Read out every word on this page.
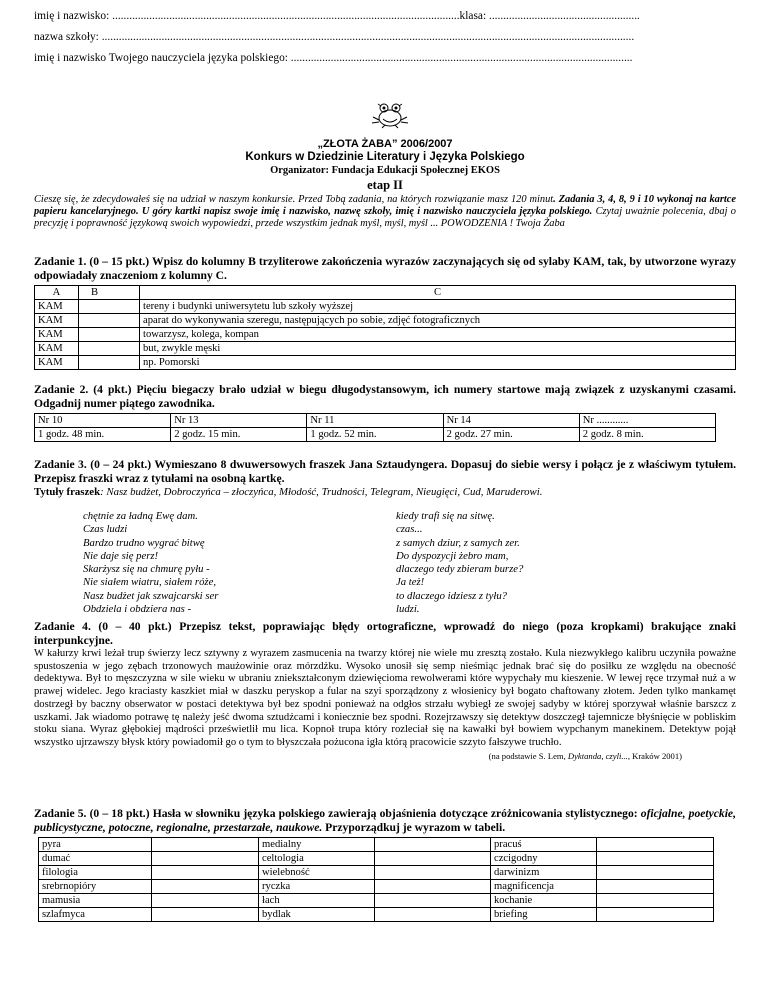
imię i nazwisko: ..........................................................................................................................klasa: .....................................................
nazwa szkoły: ...........................................................................................................................................................................................
imię i nazwisko Twojego nauczyciela języka polskiego: ........................................................................................................................
„ZŁOTA ŻABA” 2006/2007
Konkurs w Dziedzinie Literatury i Języka Polskiego
Organizator: Fundacja Edukacji Społecznej EKOS
etap II
Cieszę się, że zdecydowałeś się na udział w naszym konkursie. Przed Tobą zadania, na których rozwiązanie masz 120 minut. Zadania 3, 4, 8, 9 i 10 wykonaj na kartce papieru kancelaryjnego. U góry kartki napisz swoje imię i nazwisko, nazwę szkoły, imię i nazwisko nauczyciela języka polskiego. Czytaj uważnie polecenia, dbaj o precyzję i poprawność językową swoich wypowiedzi, przede wszystkim jednak myśl, myśl, myśl ... POWODZENIA ! Twoja Żaba
Zadanie 1. (0 – 15 pkt.) Wpisz do kolumny B trzyliterowe zakończenia wyrazów zaczynających się od sylaby KAM, tak, by utworzone wyrazy odpowiadały znaczeniom z kolumny C.
A	B	C
KAM		tereny i budynki uniwersytetu lub szkoły wyższej
KAM		aparat do wykonywania szeregu, następujących po sobie, zdjęć fotograficznych
KAM		towarzysz, kolega, kompan
KAM		but, zwykle męski
KAM		np. Pomorski
Zadanie 2. (4 pkt.) Pięciu biegaczy brało udział w biegu długodystansowym, ich numery startowe mają związek z uzyskanymi czasami. Odgadnij numer piątego zawodnika.
Nr 10	Nr 13	Nr 11	Nr 14	Nr ............
1 godz. 48 min.	2 godz. 15 min.	1 godz. 52 min.	2 godz. 27 min.	2 godz. 8 min.
Zadanie 3. (0 – 24 pkt.) Wymieszano 8 dwuwersowych fraszek Jana Sztaudyngera. Dopasuj do siebie wersy i połącz je z właściwym tytułem. Przepisz fraszki wraz z tytułami na osobną kartkę.
Tytuły fraszek: Nasz budżet, Dobroczyńca – złoczyńca, Młodość, Trudności, Telegram, Nieugięci, Cud, Maruderowi.
chętnie za ładną Ewę dam.
Czas ludzi
Bardzo trudno wygrać bitwę
Nie daje się perz!
Skarżysz się na chmurę pyłu -
Nie siałem wiatru, siałem róże,
Nasz budżet jak szwajcarski ser
Obdziela i obdziera nas -
kiedy trafi się na sitwę.
czas...
z samych dziur, z samych zer.
Do dyspozycji żebro mam,
dlaczego tedy zbieram burze?
Ja też!
to dlaczego idziesz z tyłu?
ludzi.
Zadanie 4. (0 – 40 pkt.) Przepisz tekst, poprawiając błędy ortograficzne, wprowadź do niego (poza kropkami) brakujące znaki interpunkcyjne.
W kałurzy krwi leżał trup świerzy lecz sztywny z wyrazem zasmucenia na twarzy której nie wiele mu zresztą zostało. Kula niezwykłego kalibru uczyniła poważne spustoszenia w jego zębach trzonowych maużowinie oraz mórzdżku. Wysoko unosił się semp nieśmiąc jednak brać się do posiłku ze względu na obecność dedektywa. Był to męszczyzna w sile wieku w ubraniu zniekształconym dziewięcioma rewolwerami które wypychały mu kieszenie. W lewej ręce trzymał nuż a w prawej widelec. Jego kraciasty kaszkiet miał w daszku peryskop a fular na szyi sporządzony z włosienicy był bogato chaftowany złotem. Jeden tylko mankamęt dostrzegł by baczny obserwator w postaci detektywa był bez spodni ponieważ na odgłos strzału wybiegł ze swojej sadyby w której sporzywał właśnie barszcz z uszkami. Jak wiadomo potrawę tę należy jeść dwoma sztudźcami i koniecznie bez spodni. Rozejrzawszy się detektyw doszczegł tajemnicze błyśnięcie w pobliskim stoku siana. Wyraz głębokiej mądrości prześwietlił mu lica. Kopnoł trupa który rozleciał się na kawałki był bowiem wypchanym manekinem. Detektyw pojął wszystko ujrzawszy błysk który powiadomił go o tym to błyszczała pożucona igła którą pracowicie szzyto fałszywe truchło.
(na podstawie S. Lem, Dyktanda, czyli..., Kraków 2001)
Zadanie 5. (0 – 18 pkt.) Hasła w słowniku języka polskiego zawierają objaśnienia dotyczące zróżnicowania stylistycznego: oficjalne, poetyckie, publicystyczne, potoczne, regionalne, przestarzałe, naukowe. Przyporządkuj je wyrazom w tabeli.
pyra		medialny		pracuś	
dumać		celtologia		czcigodny	
filologia		wielebność		darwinizm	
srebrnopióry		ryczka		magnificencja	
mamusia		łach		kochanie	
szlafmyca		bydlak		briefing	
